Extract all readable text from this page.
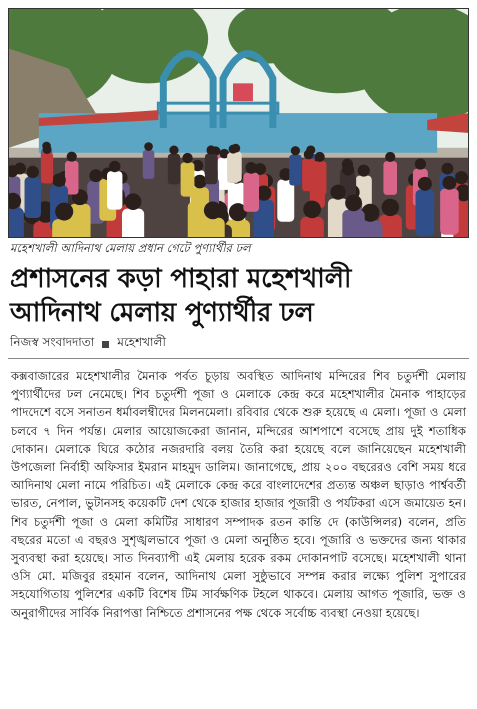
মহেশখালী আদিনাথ মেলায় প্রধান গেটে পুণ্যার্থীর ঢল
প্রশাসনের কড়া পাহারা মহেশখালী
আদিনাথ মেলায় পুণ্যার্থীর ঢল
নিজস্ব সংবাদদাতা মহেশখালী

কক্সবাজারের মহেশখালীর মৈনাক পর্বত চূড়ায় অবস্থিত আদিনাথ মন্দিরের শিব চতুর্দশী মেলায় পুণ্যার্থীদের ঢল নেমেছে। শিব চতুর্দশী পূজা ও মেলাকে কেন্দ্র করে মহেশখালীর মৈনাক পাহাড়ের পাদদেশে বসে সনাতন ধর্মাবলম্বীদের মিলনমেলা। রবিবার থেকে শুরু হয়েছে এ মেলা। পূজা ও মেলা চলবে ৭ দিন পর্যন্ত। মেলার আয়োজকেরা জানান, মন্দিরের আশপাশে বসেছে প্রায় দুই শতাধিক দোকান। মেলাকে ঘিরে কঠোর নজরদারি বলয় তৈরি করা হয়েছে বলে জানিয়েছেন মহেশখালী উপজেলা নির্বাহী অফিসার ইমরান মাহমুদ ডালিম। জানাগেছে, প্রায় ২০০ বছরেরও বেশি সময় ধরে আদিনাথ মেলা নামে পরিচিত। এই মেলাকে কেন্দ্র করে বাংলাদেশের প্রত্যন্ত অঞ্চল ছাড়াও পার্শ্ববর্তী ভারত, নেপাল, ভুটানসহ কয়েকটি দেশ থেকে হাজার হাজার পূজারী ও পর্যটকরা এসে জমায়েত হন। শিব চতুর্দশী পূজা ও মেলা কমিটির সাধারণ সম্পাদক রতন কান্তি দে (কাউন্সিলর) বলেন, প্রতি বছরের মতো এ বছরও সুশৃঙ্খলভাবে পূজা ও মেলা অনুষ্ঠিত হবে। পূজারি ও ভক্তদের জন্য থাকার সুব্যবস্থা করা হয়েছে। সাত দিনব্যাপী এই মেলায় হরেক রকম দোকানপাট বসেছে। মহেশখালী থানা ওসি মো. মজিবুর রহমান বলেন, আদিনাথ মেলা সুষ্ঠুভাবে সম্পন্ন করার লক্ষ্যে পুলিশ সুপারের সহযোগিতায় পুলিশের একটি বিশেষ টিম সার্বক্ষণিক টহলে থাকবে। মেলায় আগত পূজারি, ভক্ত ও অনুরাগীদের সার্বিক নিরাপত্তা নিশ্চিতে প্রশাসনের পক্ষ থেকে সর্বোচ্চ ব্যবস্থা নেওয়া হয়েছে।
